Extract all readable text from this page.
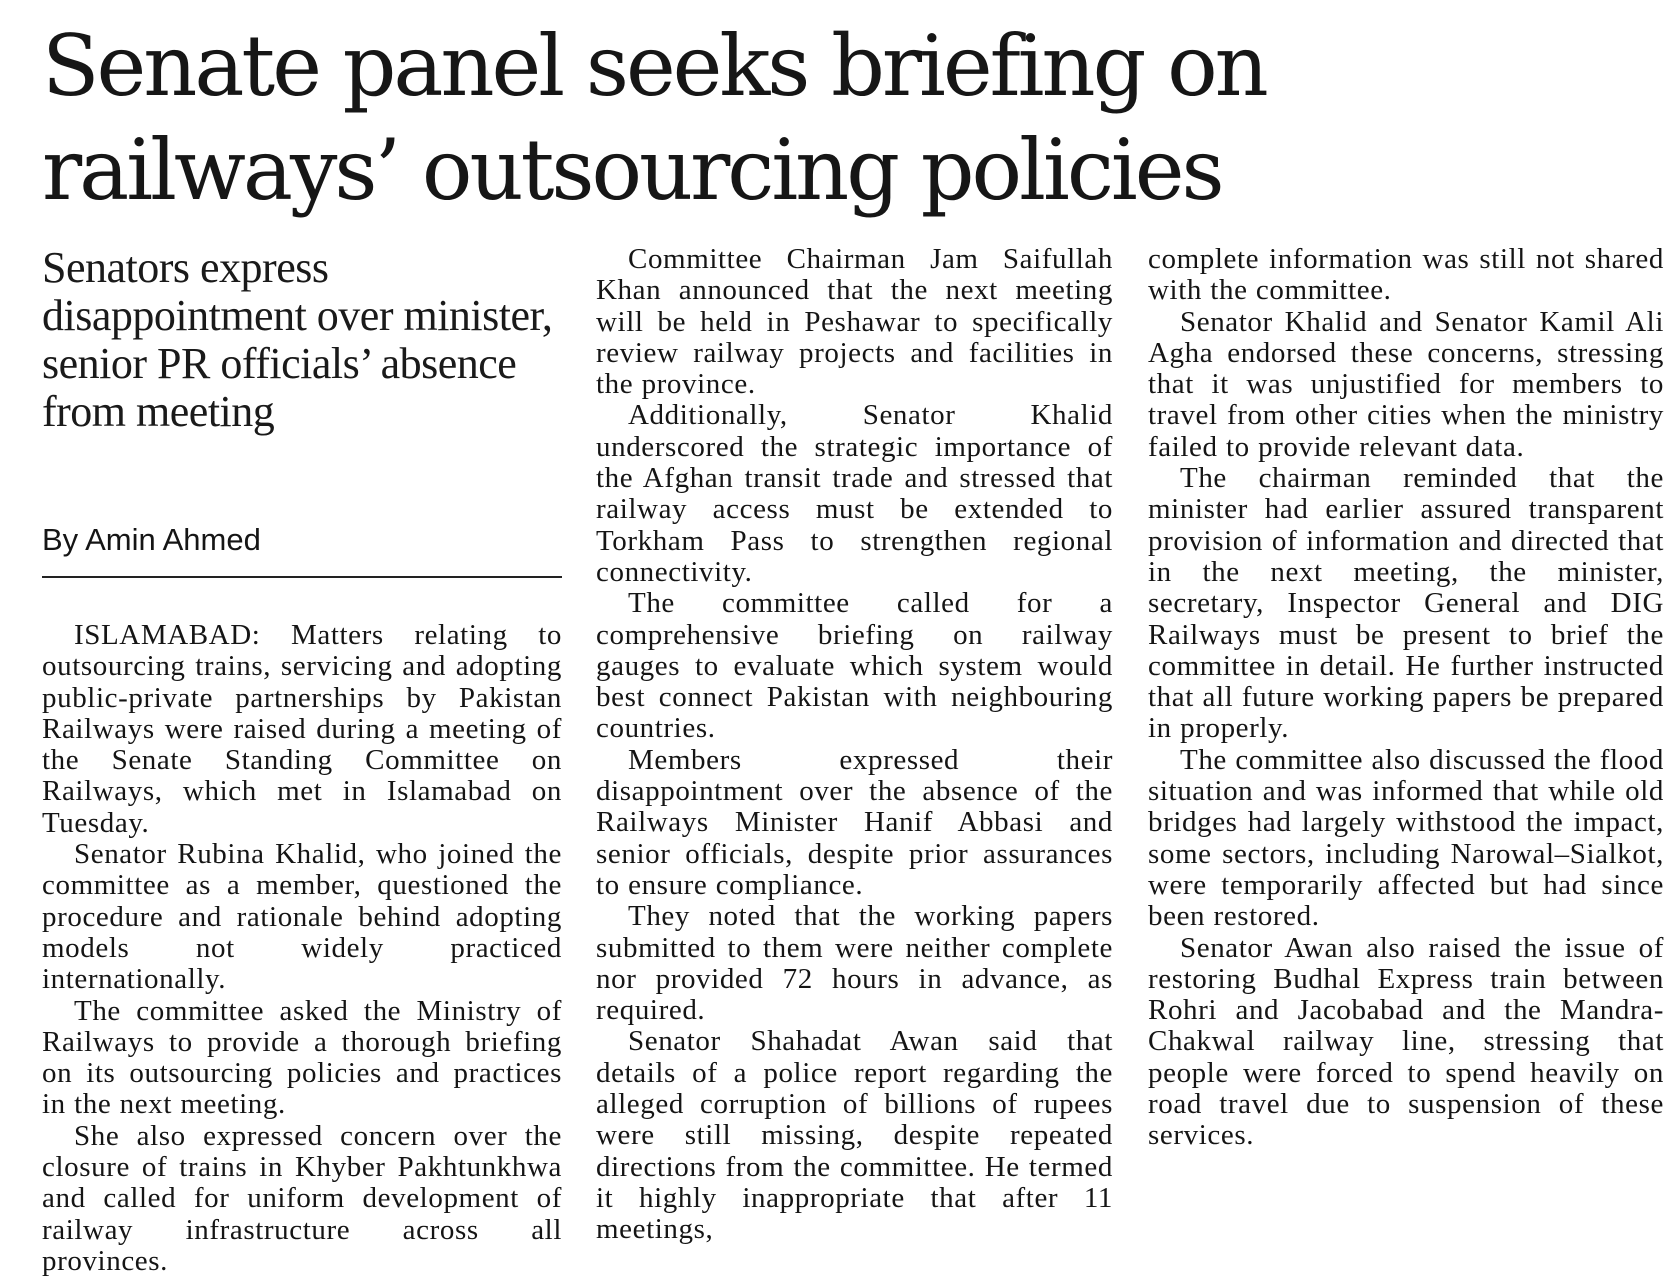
Senate panel seeks briefing on
railways’ outsourcing policies
Senators express disappointment over minister, senior PR officials’ absence from meeting
By Amin Ahmed

ISLAMABAD: Matters relating to outsourcing trains, servicing and adopting public-private partnerships by Pakistan Railways were raised during a meeting of the Senate Standing Committee on Railways, which met in Islamabad on Tuesday.

Senator Rubina Khalid, who joined the committee as a member, questioned the procedure and rationale behind adopting models not widely practiced internationally.

The committee asked the Ministry of Railways to provide a thorough briefing on its outsourcing policies and practices in the next meeting.

She also expressed concern over the closure of trains in Khyber Pakhtunkhwa and called for uniform development of railway infrastructure across all provinces.

Committee Chairman Jam Saifullah Khan announced that the next meeting will be held in Peshawar to specifically review railway projects and facilities in the province.

Additionally, Senator Khalid underscored the strategic importance of the Afghan transit trade and stressed that railway access must be extended to Torkham Pass to strengthen regional connectivity.

The committee called for a comprehensive briefing on railway gauges to evaluate which system would best connect Pakistan with neighbouring countries.

Members expressed their disappointment over the absence of the Railways Minister Hanif Abbasi and senior officials, despite prior assurances to ensure compliance.

They noted that the working papers submitted to them were neither complete nor provided 72 hours in advance, as required.

Senator Shahadat Awan said that details of a police report regarding the alleged corruption of billions of rupees were still missing, despite repeated directions from the committee. He termed it highly inappropriate that after 11 meetings,

complete information was still not shared with the committee.

Senator Khalid and Senator Kamil Ali Agha endorsed these concerns, stressing that it was unjustified for members to travel from other cities when the ministry failed to provide relevant data.

The chairman reminded that the minister had earlier assured transparent provision of information and directed that in the next meeting, the minister, secretary, Inspector General and DIG Railways must be present to brief the committee in detail. He further instructed that all future working papers be prepared in properly.

The committee also discussed the flood situation and was informed that while old bridges had largely withstood the impact, some sectors, including Narowal–Sialkot, were temporarily affected but had since been restored.

Senator Awan also raised the issue of restoring Budhal Express train between Rohri and Jacobabad and the Mandra-Chakwal railway line, stressing that people were forced to spend heavily on road travel due to suspension of these services.
